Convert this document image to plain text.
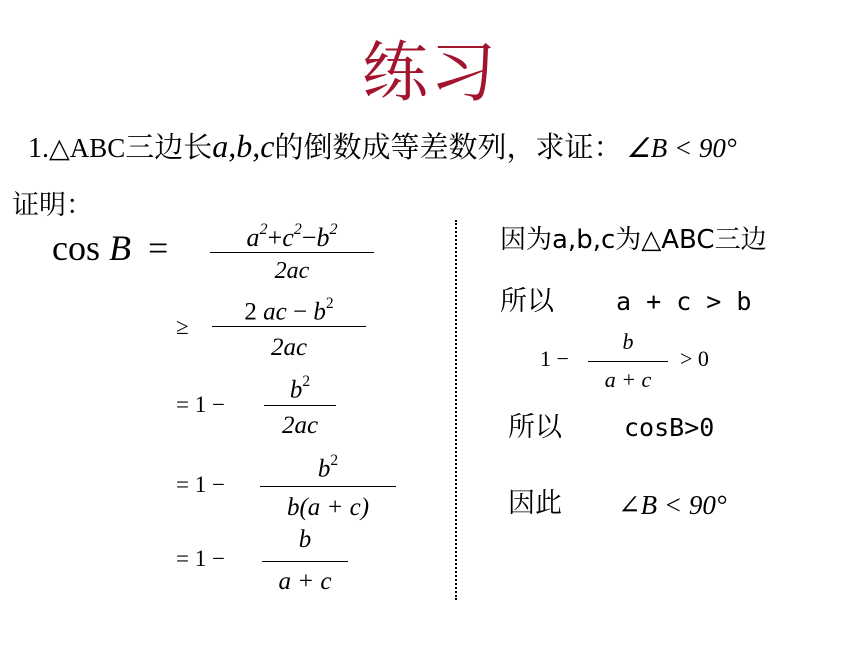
练习
1.△ABC三边长a,b,c的倒数成等差数列，求证： ∠B < 90°
证明：
cos B =	$a^2+c^2-b^2$
2ac
≥
2 ac − $b^2$
2ac
= 1 −
$b^2$
2ac
= 1 −
$b^2$
b(a + c)
= 1 −
b
a + c
因为a,b,c为△ABC三边
所以 a + c > b
1 −
b
a + c
> 0
所以 cosB>0
因此 ∠B < 90°
